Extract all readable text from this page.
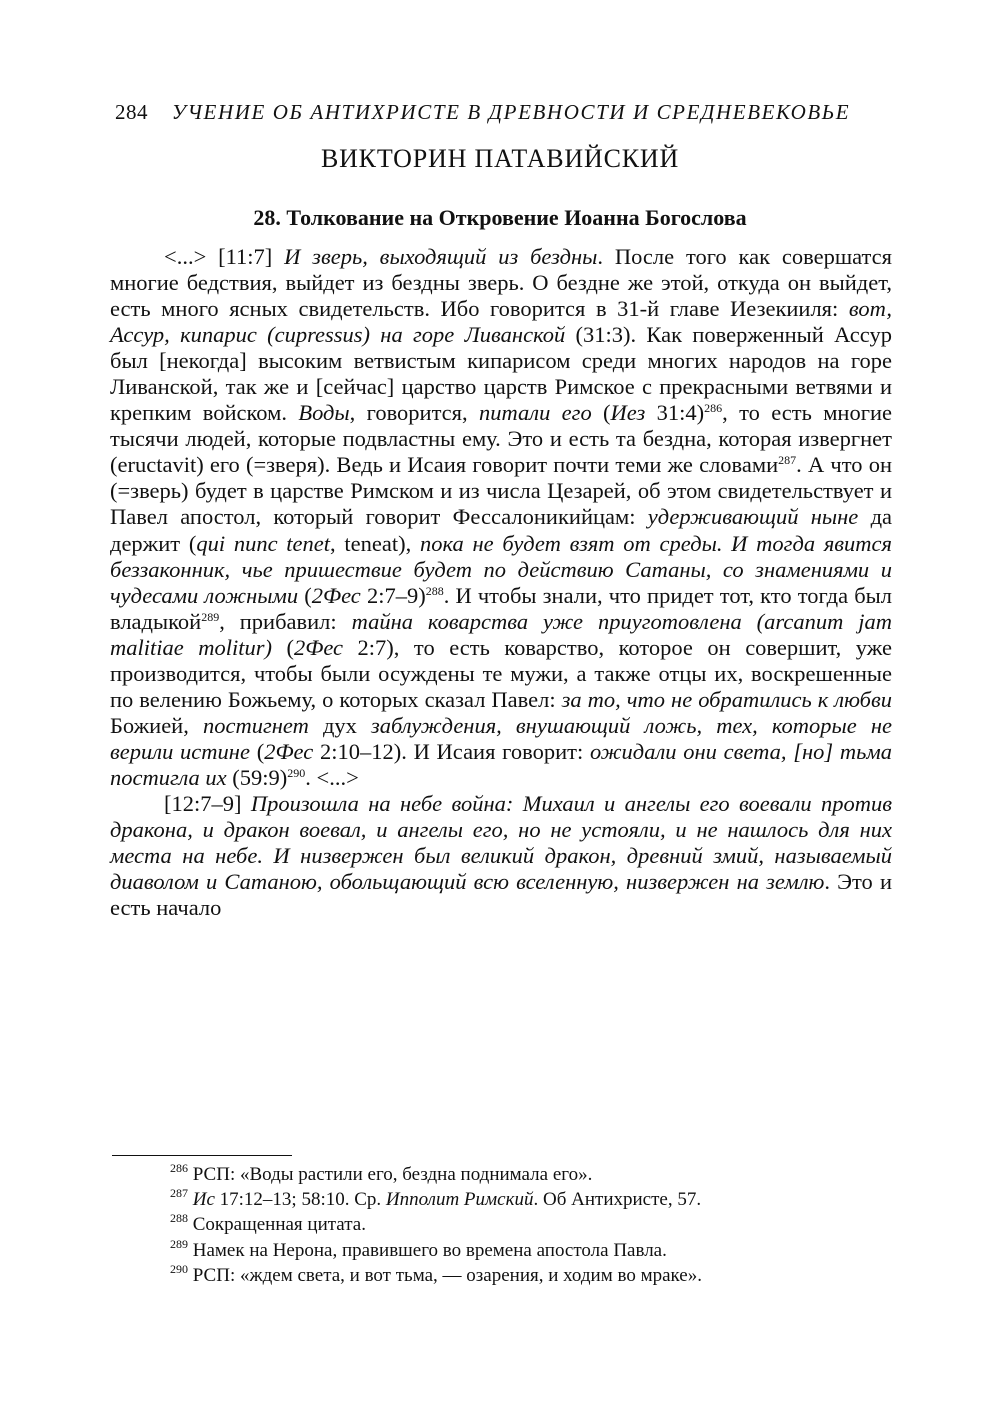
284 УЧЕНИЕ ОБ АНТИХРИСТЕ В ДРЕВНОСТИ И СРЕДНЕВЕКОВЬЕ
ВИКТОРИН ПАТАВИЙСКИЙ
28. Толкование на Откровение Иоанна Богослова

<...> [11:7] И зверь, выходящий из бездны. После того как совершатся многие бедствия, выйдет из бездны зверь. О бездне же этой, откуда он выйдет, есть много ясных свидетельств. Ибо говорится в 31-й главе Иезекииля: вот, Ассур, кипарис (cupressus) на горе Ливанской (31:3). Как поверженный Ассур был [некогда] высоким ветвистым кипарисом среди многих народов на горе Ливанской, так же и [сейчас] царство царств Римское с прекрасными ветвями и крепким войском. Воды, говорится, питали его (Иез 31:4)$^{286}$, то есть многие тысячи людей, которые подвластны ему. Это и есть та бездна, которая извергнет (eructavit) его (=зверя). Ведь и Исаия говорит почти теми же словами$^{287}$. А что он (=зверь) будет в царстве Римском и из числа Цезарей, об этом свидетельствует и Павел апостол, который говорит Фессалоникийцам: удерживающий ныне да держит (qui nunc tenet, teneat), пока не будет взят от среды. И тогда явится беззаконник, чье пришествие будет по действию Сатаны, со знамениями и чудесами ложными (2Фес 2:7–9)$^{288}$. И чтобы знали, что придет тот, кто тогда был владыкой$^{289}$, прибавил: тайна коварства уже приуготовлена (arcanum jam malitiae molitur) (2Фес 2:7), то есть коварство, которое он совершит, уже производится, чтобы были осуждены те мужи, а также отцы их, воскрешенные по велению Божьему, о которых сказал Павел: за то, что не обратились к любви Божией, постигнет дух заблуждения, внушающий ложь, тех, которые не верили истине (2Фес 2:10–12). И Исаия говорит: ожидали они света, [но] тьма постигла их (59:9)$^{290}$. <...>

[12:7–9] Произошла на небе война: Михаил и ангелы его воевали против дракона, и дракон воевал, и ангелы его, но не устояли, и не нашлось для них места на небе. И низвержен был великий дракон, древний змий, называемый диаволом и Сатаною, обольщающий всю вселенную, низвержен на землю. Это и есть начало

$^{286}$ РСП: «Воды растили его, бездна поднимала его».
$^{287}$ Ис 17:12–13; 58:10. Ср. Ипполит Римский. Об Антихристе, 57.
$^{288}$ Сокращенная цитата.
$^{289}$ Намек на Нерона, правившего во времена апостола Павла.
$^{290}$ РСП: «ждем света, и вот тьма, — озарения, и ходим во мраке».
